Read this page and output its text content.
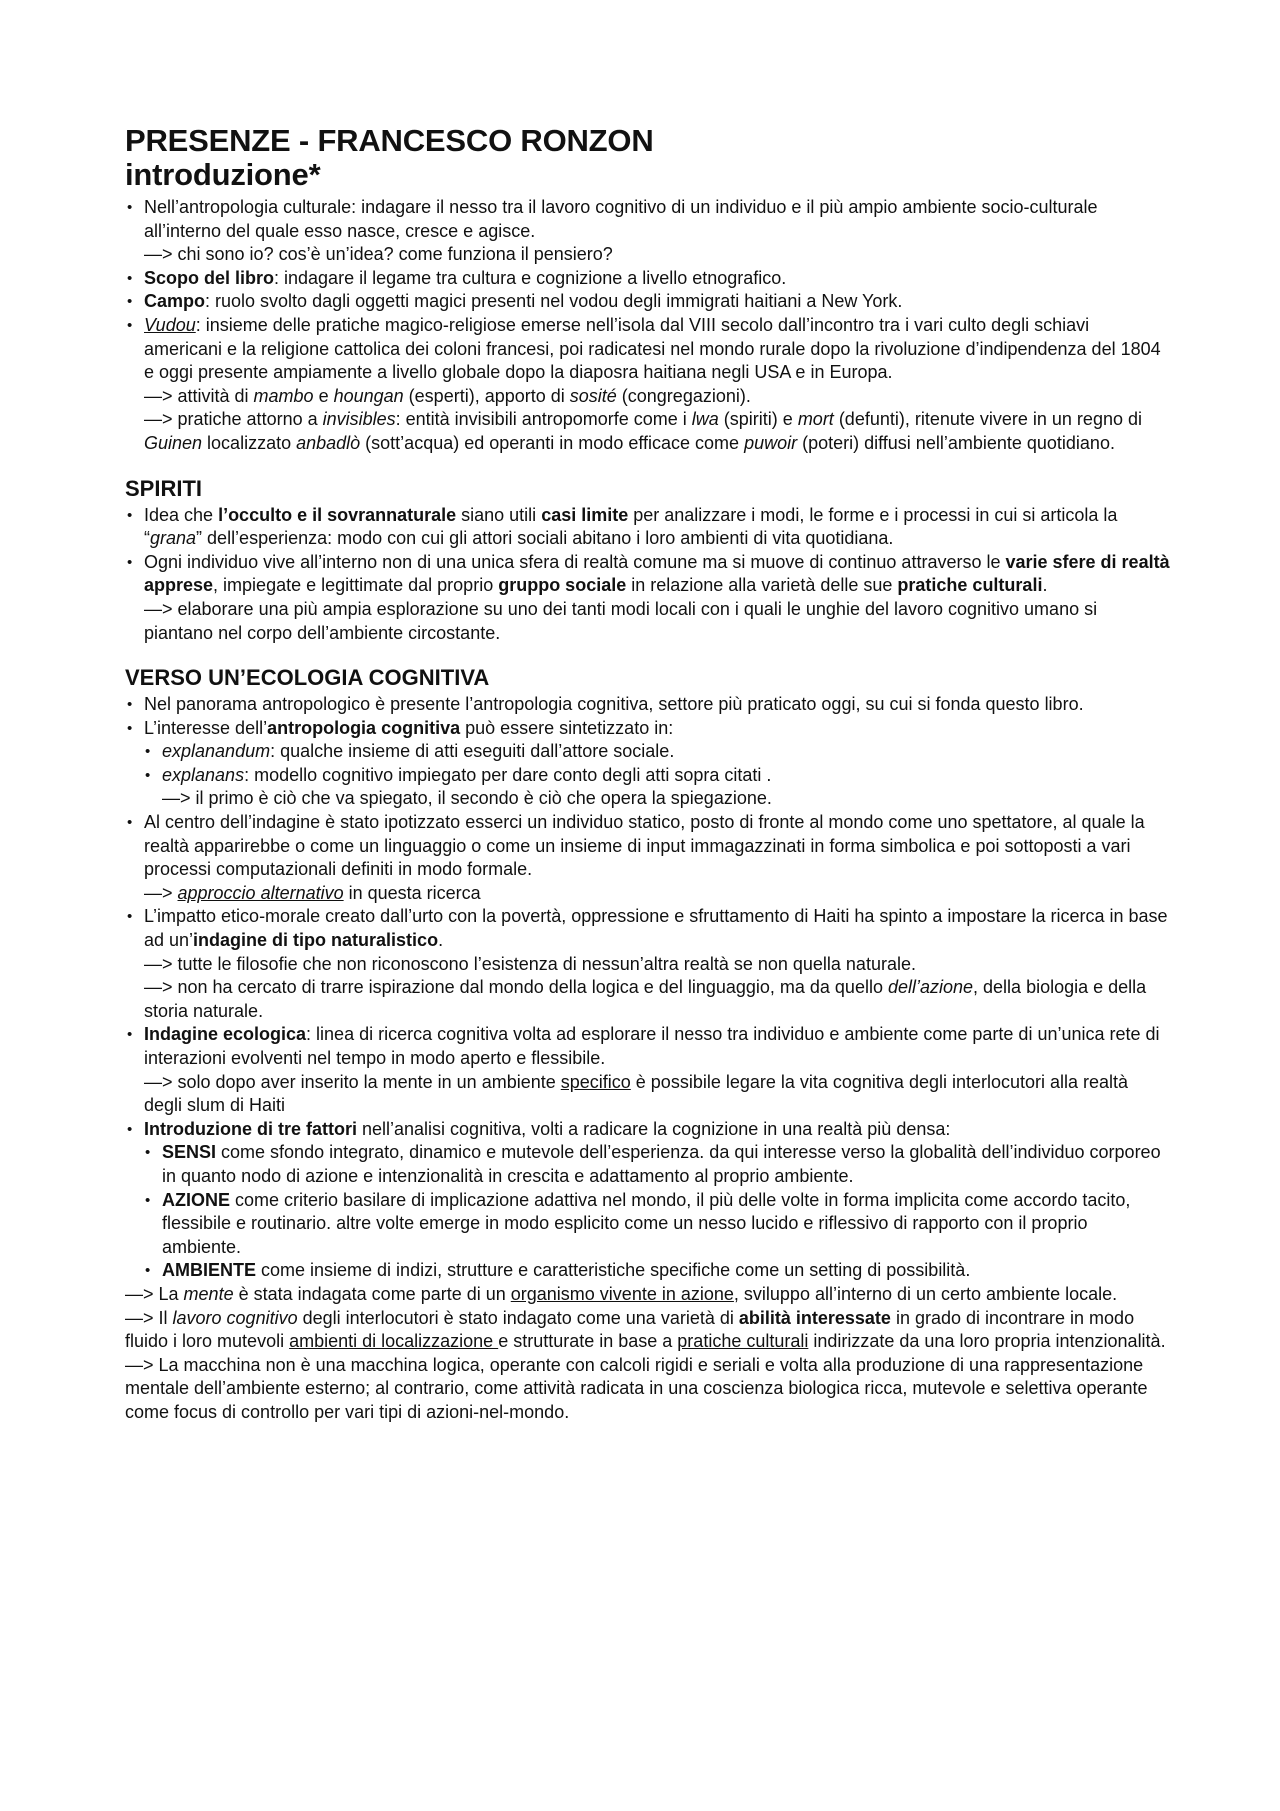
PRESENZE - FRANCESCO RONZON
introduzione*
• Nell’antropologia culturale: indagare il nesso tra il lavoro cognitivo di un individuo e il più ampio ambiente socio-culturale all’interno del quale esso nasce, cresce e agisce.

—> chi sono io? cos’è un’idea? come funziona il pensiero?

• Scopo del libro: indagare il legame tra cultura e cognizione a livello etnografico.
• Campo: ruolo svolto dagli oggetti magici presenti nel vodou degli immigrati haitiani a New York.
• Vudou: insieme delle pratiche magico-religiose emerse nell’isola dal VIII secolo dall’incontro tra i vari culto degli schiavi americani e la religione cattolica dei coloni francesi, poi radicatesi nel mondo rurale dopo la rivoluzione d’indipendenza del 1804 e oggi presente ampiamente a livello globale dopo la diaposra haitiana negli USA e in Europa.

—> attività di mambo e houngan (esperti), apporto di sosité (congregazioni).

—> pratiche attorno a invisibles: entità invisibili antropomorfe come i lwa (spiriti) e mort (defunti), ritenute vivere in un regno di Guinen localizzato anbadlò (sott’acqua) ed operanti in modo efficace come puwoir (poteri) diffusi nell’ambiente quotidiano.

SPIRITI
• Idea che l’occulto e il sovrannaturale siano utili casi limite per analizzare i modi, le forme e i processi in cui si articola la “grana” dell’esperienza: modo con cui gli attori sociali abitano i loro ambienti di vita quotidiana.
• Ogni individuo vive all’interno non di una unica sfera di realtà comune ma si muove di continuo attraverso le varie sfere di realtà apprese, impiegate e legittimate dal proprio gruppo sociale in relazione alla varietà delle sue pratiche culturali.

—> elaborare una più ampia esplorazione su uno dei tanti modi locali con i quali le unghie del lavoro cognitivo umano si piantano nel corpo dell’ambiente circostante.

VERSO UN’ECOLOGIA COGNITIVA
• Nel panorama antropologico è presente l’antropologia cognitiva, settore più praticato oggi, su cui si fonda questo libro.
• L’interesse dell’antropologia cognitiva può essere sintetizzato in:
• explanandum: qualche insieme di atti eseguiti dall’attore sociale.
• explanans: modello cognitivo impiegato per dare conto degli atti sopra citati .

—> il primo è ciò che va spiegato, il secondo è ciò che opera la spiegazione.

• Al centro dell’indagine è stato ipotizzato esserci un individuo statico, posto di fronte al mondo come uno spettatore, al quale la realtà apparirebbe o come un linguaggio o come un insieme di input immagazzinati in forma simbolica e poi sottoposti a vari processi computazionali definiti in modo formale.

—> approccio alternativo in questa ricerca

• L’impatto etico-morale creato dall’urto con la povertà, oppressione e sfruttamento di Haiti ha spinto a impostare la ricerca in base ad un’indagine di tipo naturalistico.

—> tutte le filosofie che non riconoscono l’esistenza di nessun’altra realtà se non quella naturale.

—> non ha cercato di trarre ispirazione dal mondo della logica e del linguaggio, ma da quello dell’azione, della biologia e della storia naturale.

• Indagine ecologica: linea di ricerca cognitiva volta ad esplorare il nesso tra individuo e ambiente come parte di un’unica rete di interazioni evolventi nel tempo in modo aperto e flessibile.

—> solo dopo aver inserito la mente in un ambiente specifico è possibile legare la vita cognitiva degli interlocutori alla realtà degli slum di Haiti

• Introduzione di tre fattori nell’analisi cognitiva, volti a radicare la cognizione in una realtà più densa:
• SENSI come sfondo integrato, dinamico e mutevole dell’esperienza. da qui interesse verso la globalità dell’individuo corporeo in quanto nodo di azione e intenzionalità in crescita e adattamento al proprio ambiente.
• AZIONE come criterio basilare di implicazione adattiva nel mondo, il più delle volte in forma implicita come accordo tacito, flessibile e routinario. altre volte emerge in modo esplicito come un nesso lucido e riflessivo di rapporto con il proprio ambiente.
• AMBIENTE come insieme di indizi, strutture e caratteristiche specifiche come un setting di possibilità.

—> La mente è stata indagata come parte di un organismo vivente in azione, sviluppo all’interno di un certo ambiente locale.

—> Il lavoro cognitivo degli interlocutori è stato indagato come una varietà di abilità interessate in grado di incontrare in modo fluido i loro mutevoli ambienti di localizzazione e strutturate in base a pratiche culturali indirizzate da una loro propria intenzionalità.

—> La macchina non è una macchina logica, operante con calcoli rigidi e seriali e volta alla produzione di una rappresentazione mentale dell’ambiente esterno; al contrario, come attività radicata in una coscienza biologica ricca, mutevole e selettiva operante come focus di controllo per vari tipi di azioni-nel-mondo.
